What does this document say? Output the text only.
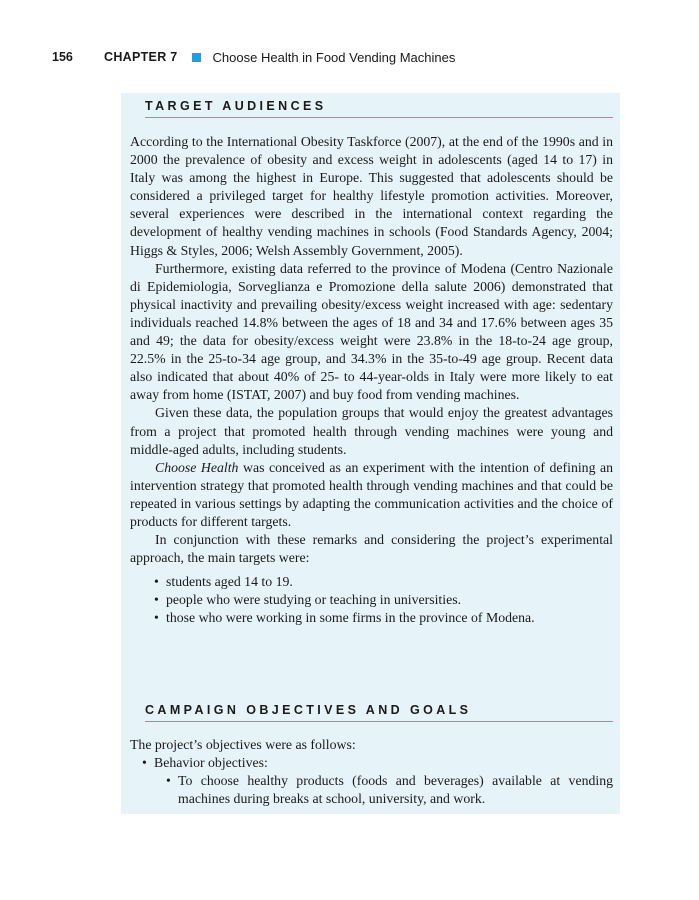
156	CHAPTER 7	Choose Health in Food Vending Machines
TARGET AUDIENCES

According to the International Obesity Taskforce (2007), at the end of the 1990s and in 2000 the prevalence of obesity and excess weight in adolescents (aged 14 to 17) in Italy was among the highest in Europe. This suggested that adolescents should be considered a privileged target for healthy lifestyle promotion activities. Moreover, several experiences were described in the international context regarding the development of healthy vending machines in schools (Food Standards Agency, 2004; Higgs & Styles, 2006; Welsh Assembly Government, 2005).

Furthermore, existing data referred to the province of Modena (Centro Nazionale di Epidemiologia, Sorveglianza e Promozione della salute 2006) demonstrated that physical inactivity and prevailing obesity/excess weight increased with age: sedentary individuals reached 14.8% between the ages of 18 and 34 and 17.6% between ages 35 and 49; the data for obesity/excess weight were 23.8% in the 18-to-24 age group, 22.5% in the 25-to-34 age group, and 34.3% in the 35-to-49 age group. Recent data also indicated that about 40% of 25- to 44-year-olds in Italy were more likely to eat away from home (ISTAT, 2007) and buy food from vending machines.

Given these data, the population groups that would enjoy the greatest advantages from a project that promoted health through vending machines were young and middle-aged adults, including students.

Choose Health was conceived as an experiment with the intention of defining an intervention strategy that promoted health through vending machines and that could be repeated in various settings by adapting the communication activities and the choice of products for different targets.

In conjunction with these remarks and considering the project’s experimental approach, the main targets were:

• students aged 14 to 19.
• people who were studying or teaching in universities.
• those who were working in some firms in the province of Modena.
CAMPAIGN OBJECTIVES AND GOALS

The project’s objectives were as follows:

• Behavior objectives:
• To choose healthy products (foods and beverages) available at vending machines during breaks at school, university, and work.
